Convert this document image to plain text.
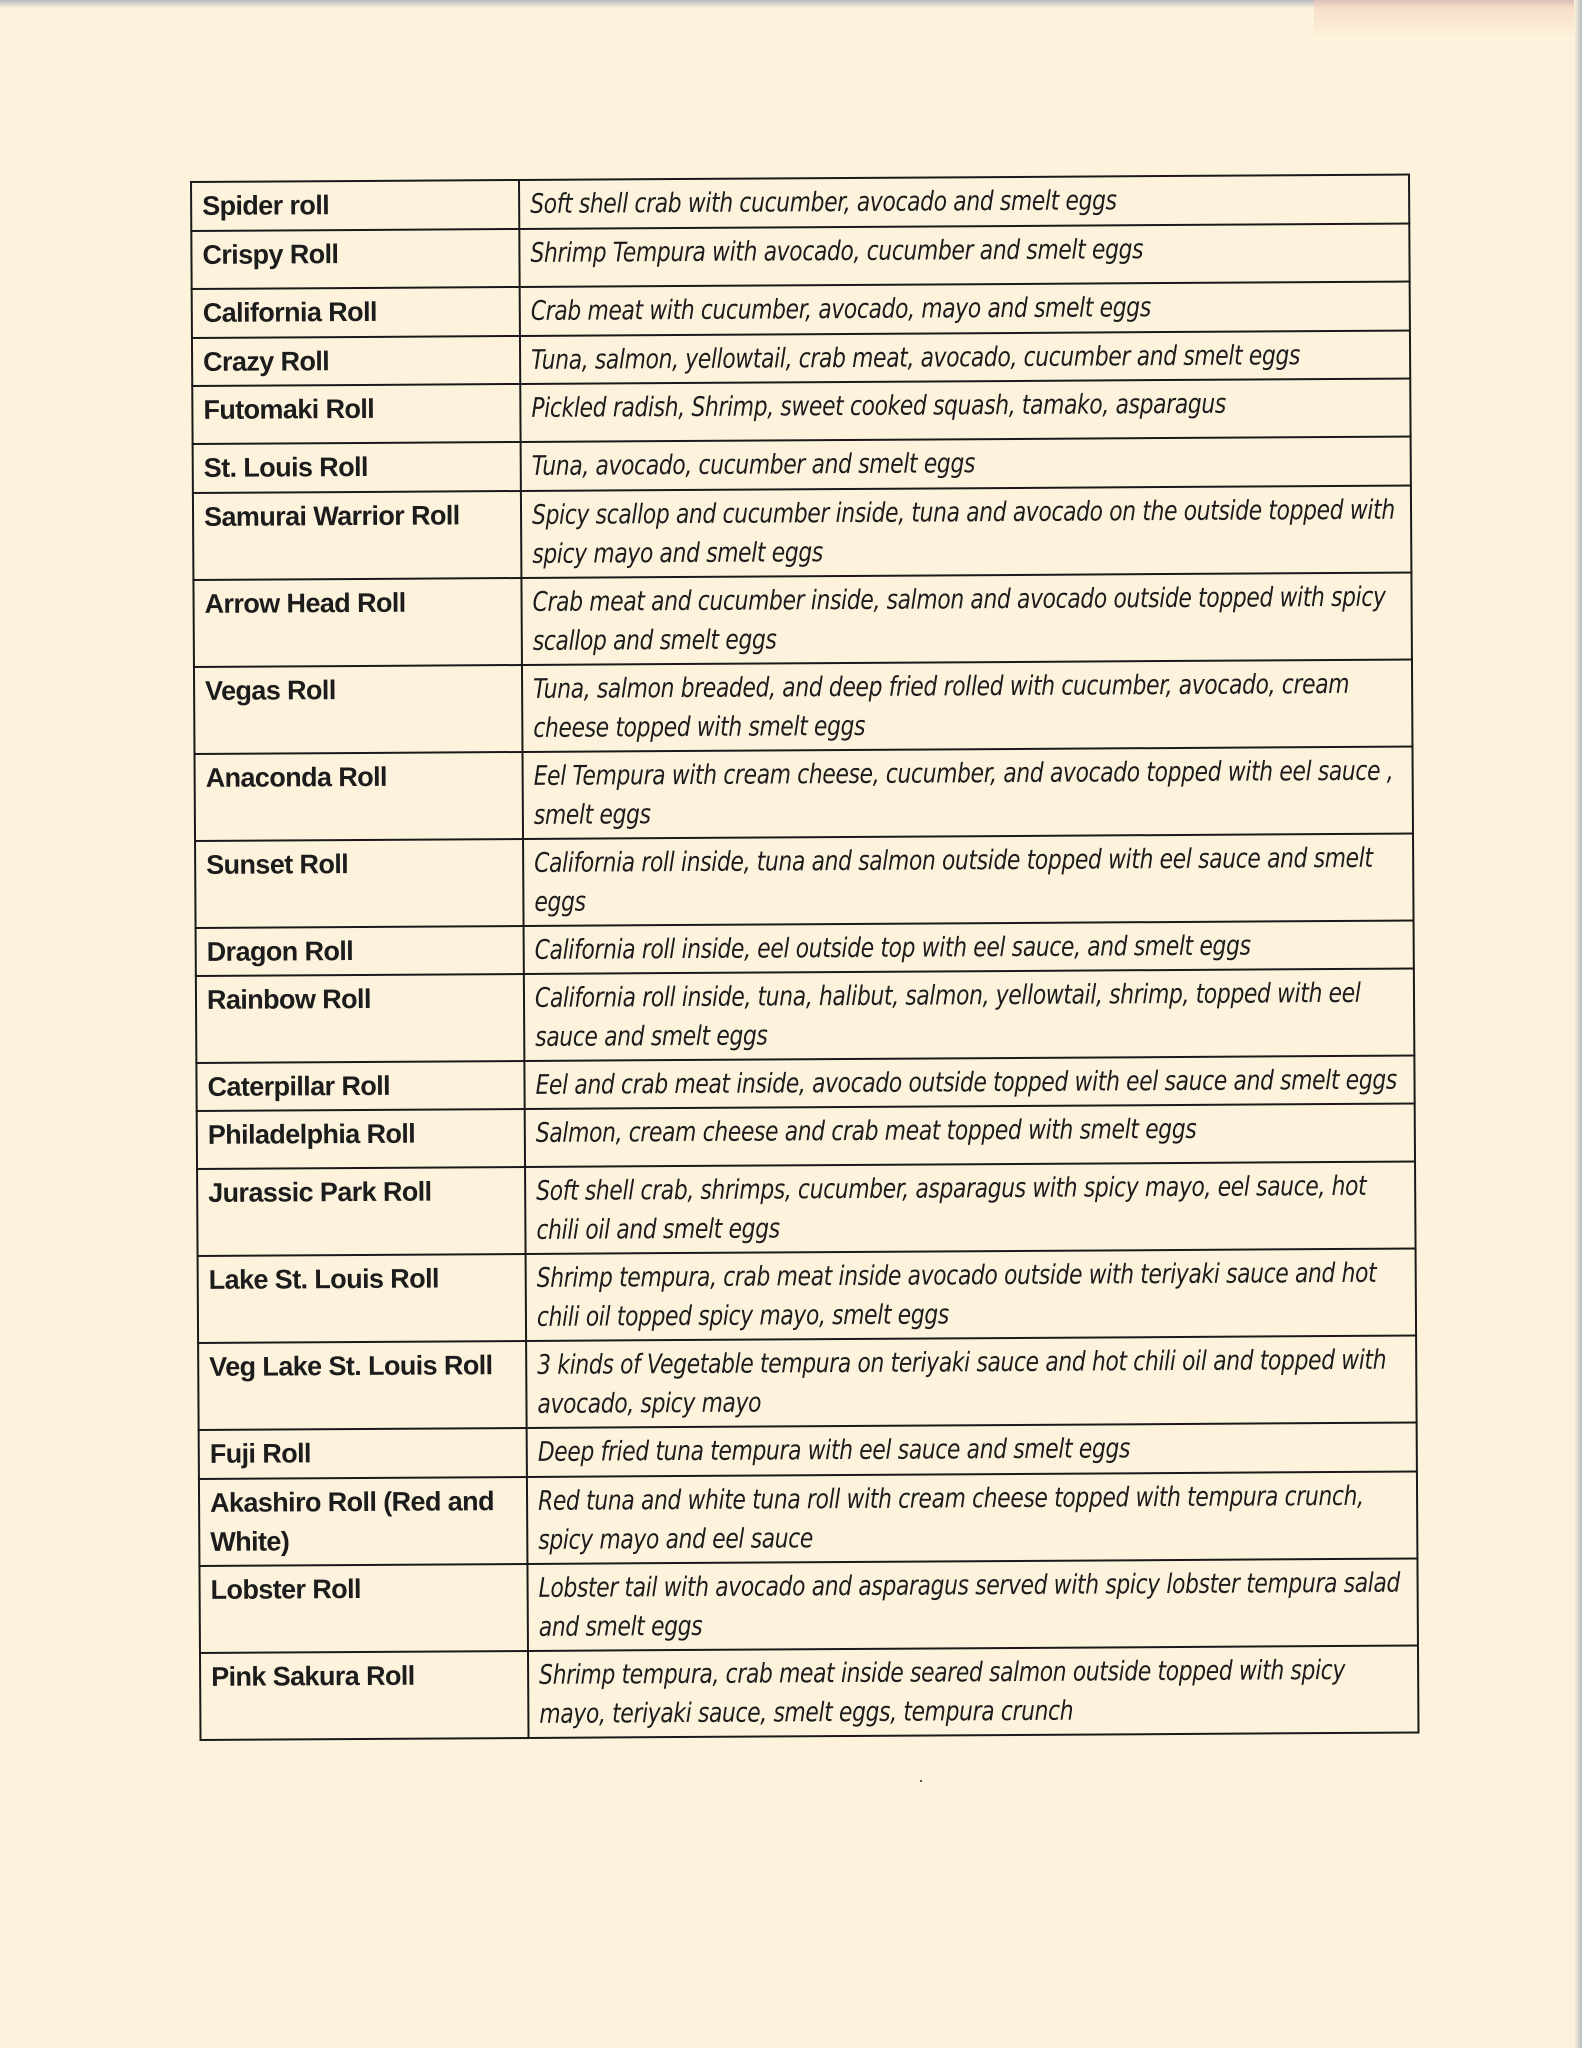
Spider roll	Soft shell crab with cucumber, avocado and smelt eggs
Crispy Roll	Shrimp Tempura with avocado, cucumber and smelt eggs
California Roll	Crab meat with cucumber, avocado, mayo and smelt eggs
Crazy Roll	Tuna, salmon, yellowtail, crab meat, avocado, cucumber and smelt eggs
Futomaki Roll	Pickled radish, Shrimp, sweet cooked squash, tamako, asparagus
St. Louis Roll	Tuna, avocado, cucumber and smelt eggs
Samurai Warrior Roll	Spicy scallop and cucumber inside, tuna and avocado on the outside topped with spicy mayo and smelt eggs
Arrow Head Roll	Crab meat and cucumber inside, salmon and avocado outside topped with spicy scallop and smelt eggs
Vegas Roll	Tuna, salmon breaded, and deep fried rolled with cucumber, avocado, cream cheese topped with smelt eggs
Anaconda Roll	Eel Tempura with cream cheese, cucumber, and avocado topped with eel sauce , smelt eggs
Sunset Roll	California roll inside, tuna and salmon outside topped with eel sauce and smelt eggs
Dragon Roll	California roll inside, eel outside top with eel sauce, and smelt eggs
Rainbow Roll	California roll inside, tuna, halibut, salmon, yellowtail, shrimp, topped with eel sauce and smelt eggs
Caterpillar Roll	Eel and crab meat inside, avocado outside topped with eel sauce and smelt eggs
Philadelphia Roll	Salmon, cream cheese and crab meat topped with smelt eggs
Jurassic Park Roll	Soft shell crab, shrimps, cucumber, asparagus with spicy mayo, eel sauce, hot chili oil and smelt eggs
Lake St. Louis Roll	Shrimp tempura, crab meat inside avocado outside with teriyaki sauce and hot chili oil topped spicy mayo, smelt eggs
Veg Lake St. Louis Roll	3 kinds of Vegetable tempura on teriyaki sauce and hot chili oil and topped with avocado, spicy mayo
Fuji Roll	Deep fried tuna tempura with eel sauce and smelt eggs
Akashiro Roll (Red and White)	Red tuna and white tuna roll with cream cheese topped with tempura crunch, spicy mayo and eel sauce
Lobster Roll	Lobster tail with avocado and asparagus served with spicy lobster tempura salad and smelt eggs
Pink Sakura Roll	Shrimp tempura, crab meat inside seared salmon outside topped with spicy mayo, teriyaki sauce, smelt eggs, tempura crunch
